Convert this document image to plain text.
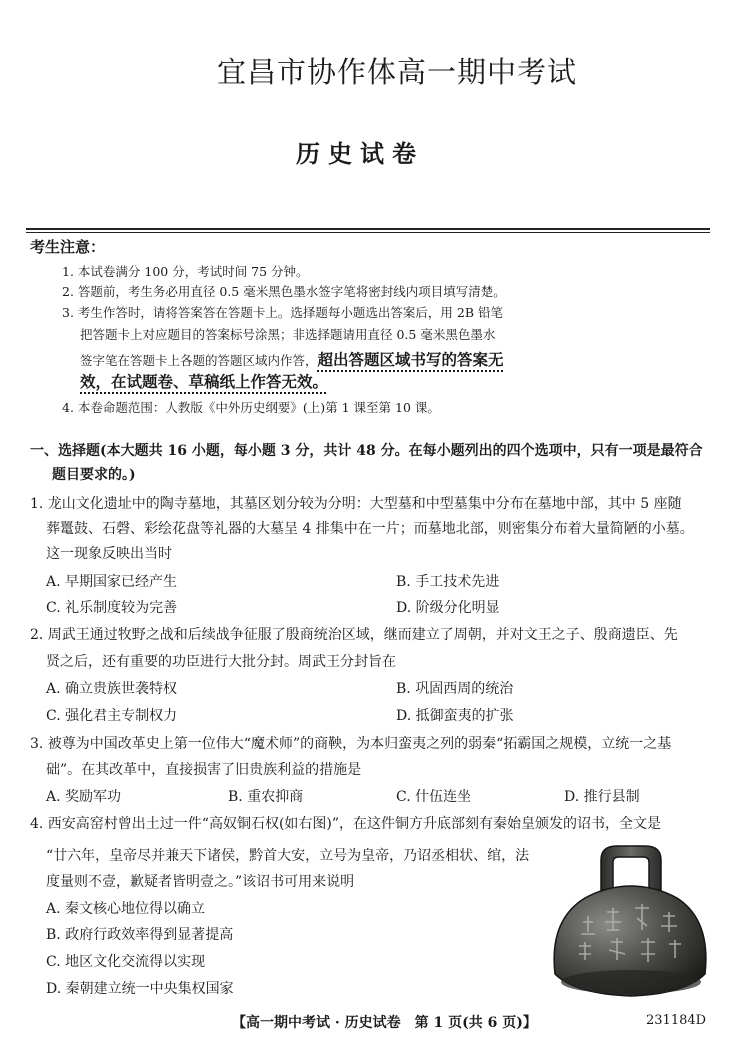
宜昌市协作体高一期中考试
历史试卷
考生注意：
1. 本试卷满分 100 分，考试时间 75 分钟。
2. 答题前，考生务必用直径 0.5 毫米黑色墨水签字笔将密封线内项目填写清楚。
3. 考生作答时，请将答案答在答题卡上。选择题每小题选出答案后，用 2B 铅笔
把答题卡上对应题目的答案标号涂黑；非选择题请用直径 0.5 毫米黑色墨水
签字笔在答题卡上各题的答题区域内作答，超出答题区域书写的答案无
效，在试题卷、草稿纸上作答无效。
4. 本卷命题范围：人教版《中外历史纲要》(上)第 1 课至第 10 课。
一、选择题(本大题共 16 小题，每小题 3 分，共计 48 分。在每小题列出的四个选项中，只有一项是最符合
题目要求的。)
1. 龙山文化遗址中的陶寺墓地，其墓区划分较为分明：大型墓和中型墓集中分布在墓地中部，其中 5 座随
葬鼍鼓、石磬、彩绘花盘等礼器的大墓呈 4 排集中在一片；而墓地北部，则密集分布着大量简陋的小墓。
这一现象反映出当时
A. 早期国家已经产生	B. 手工技术先进
C. 礼乐制度较为完善	D. 阶级分化明显
2. 周武王通过牧野之战和后续战争征服了殷商统治区域，继而建立了周朝，并对文王之子、殷商遗臣、先
贤之后，还有重要的功臣进行大批分封。周武王分封旨在
A. 确立贵族世袭特权	B. 巩固西周的统治
C. 强化君主专制权力	D. 抵御蛮夷的扩张
3. 被尊为中国改革史上第一位伟大“魔术师”的商鞅，为本归蛮夷之列的弱秦“拓霸国之规模，立统一之基
础”。在其改革中，直接损害了旧贵族利益的措施是
A. 奖励军功	B. 重农抑商	C. 什伍连坐	D. 推行县制
4. 西安高窑村曾出土过一件“高奴铜石权(如右图)”，在这件铜方升底部刻有秦始皇颁发的诏书，全文是
“廿六年，皇帝尽并兼天下诸侯，黔首大安，立号为皇帝，乃诏丞相状、绾，法
度量则不壹，歉疑者皆明壹之。”该诏书可用来说明
A. 秦文核心地位得以确立
B. 政府行政效率得到显著提高
C. 地区文化交流得以实现
D. 秦朝建立统一中央集权国家
【高一期中考试 · 历史试卷　第 1 页(共 6 页)】	231184D
